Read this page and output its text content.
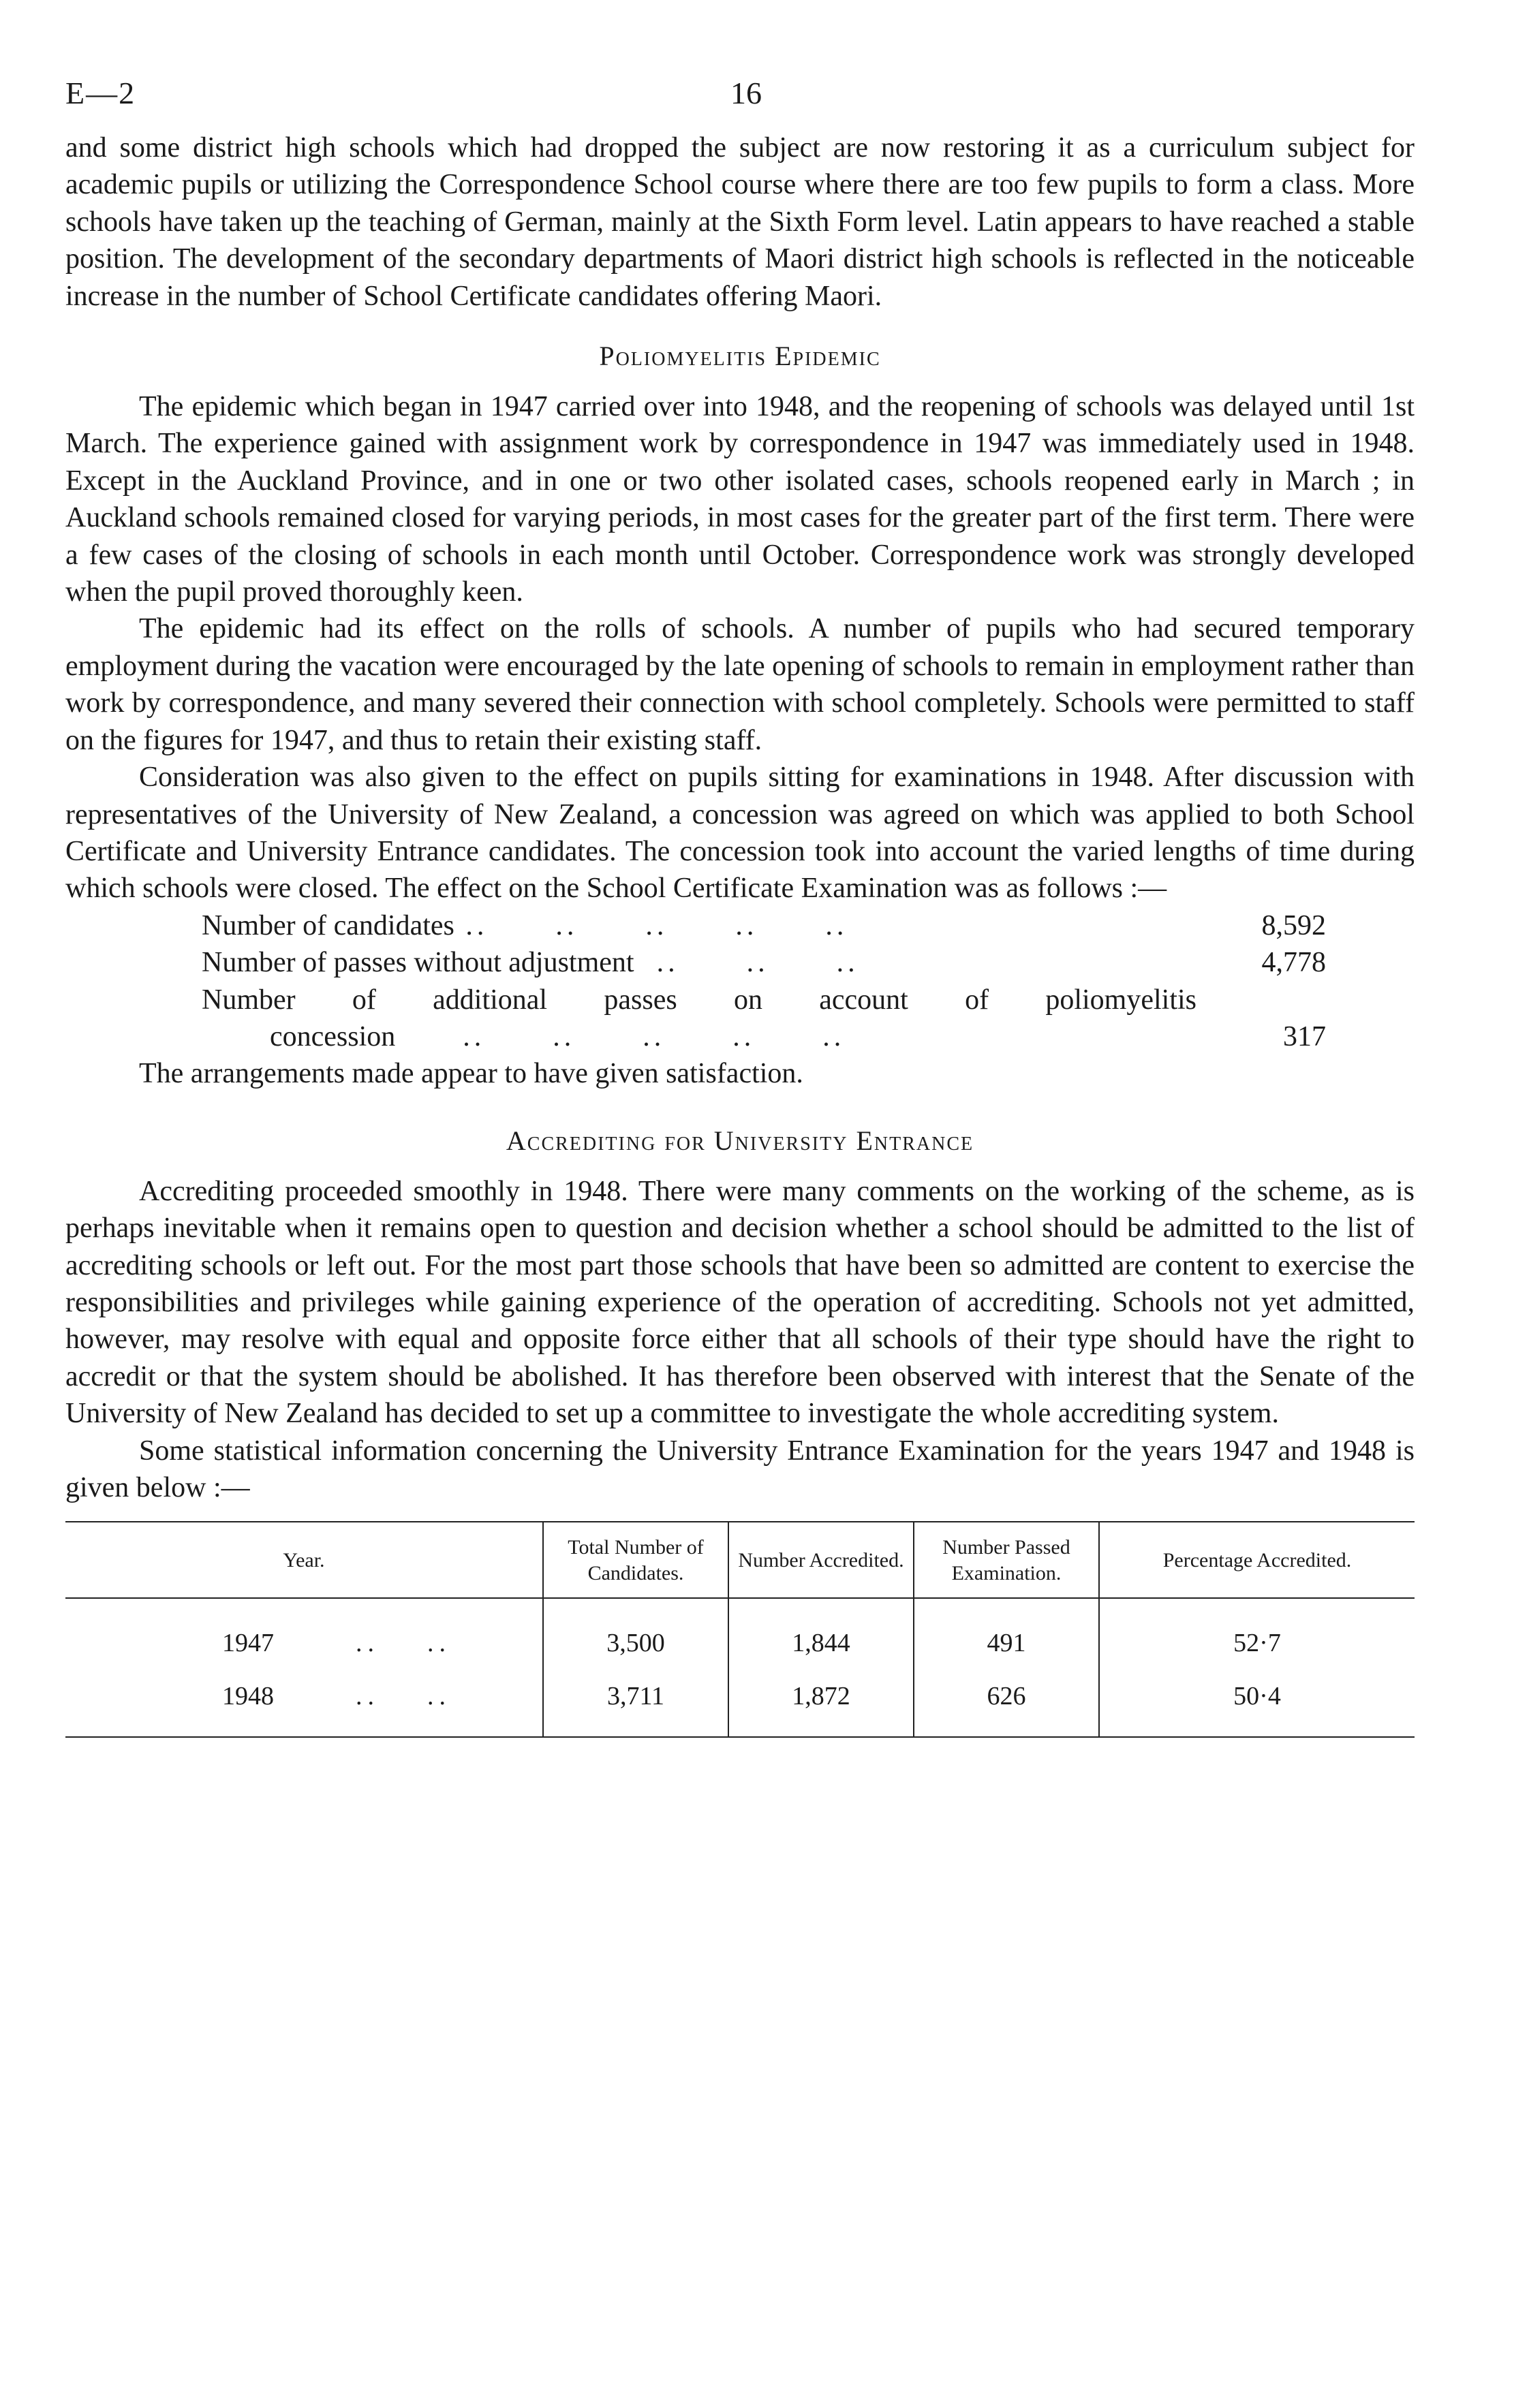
E—2	16

and some district high schools which had dropped the subject are now restoring it as a curriculum subject for academic pupils or utilizing the Correspondence School course where there are too few pupils to form a class. More schools have taken up the teaching of German, mainly at the Sixth Form level. Latin appears to have reached a stable position. The development of the secondary departments of Maori district high schools is reflected in the noticeable increase in the number of School Certificate candidates offering Maori.

Poliomyelitis Epidemic

The epidemic which began in 1947 carried over into 1948, and the reopening of schools was delayed until 1st March. The experience gained with assignment work by correspondence in 1947 was immediately used in 1948. Except in the Auckland Province, and in one or two other isolated cases, schools reopened early in March ; in Auckland schools remained closed for varying periods, in most cases for the greater part of the first term. There were a few cases of the closing of schools in each month until October. Correspondence work was strongly developed when the pupil proved thoroughly keen.

The epidemic had its effect on the rolls of schools. A number of pupils who had secured temporary employment during the vacation were encouraged by the late opening of schools to remain in employment rather than work by correspondence, and many severed their connection with school completely. Schools were permitted to staff on the figures for 1947, and thus to retain their existing staff.

Consideration was also given to the effect on pupils sitting for examinations in 1948. After discussion with representatives of the University of New Zealand, a concession was agreed on which was applied to both School Certificate and University Entrance candidates. The concession took into account the varied lengths of time during which schools were closed. The effect on the School Certificate Examination was as follows :—

Number of candidates ..      ..      ..      ..      ..	8,592
Number of passes without adjustment  ..      ..      ..	4,778
Number of additional passes on account of poliomyelitis
concession      ..      ..      ..      ..      ..	317

The arrangements made appear to have given satisfaction.

Accrediting for University Entrance

Accrediting proceeded smoothly in 1948. There were many comments on the working of the scheme, as is perhaps inevitable when it remains open to question and decision whether a school should be admitted to the list of accrediting schools or left out. For the most part those schools that have been so admitted are content to exercise the responsibilities and privileges while gaining experience of the operation of accrediting. Schools not yet admitted, however, may resolve with equal and opposite force either that all schools of their type should have the right to accredit or that the system should be abolished. It has therefore been observed with interest that the Senate of the University of New Zealand has decided to set up a committee to investigate the whole accrediting system.

Some statistical information concerning the University Entrance Examination for the years 1947 and 1948 is given below :—

Year.	Total Number of Candidates.	Number Accredited.	Number Passed Examination.	Percentage Accredited.
1947 ..    ..	3,500	1,844	491	52·7
1948 ..    ..	3,711	1,872	626	50·4
